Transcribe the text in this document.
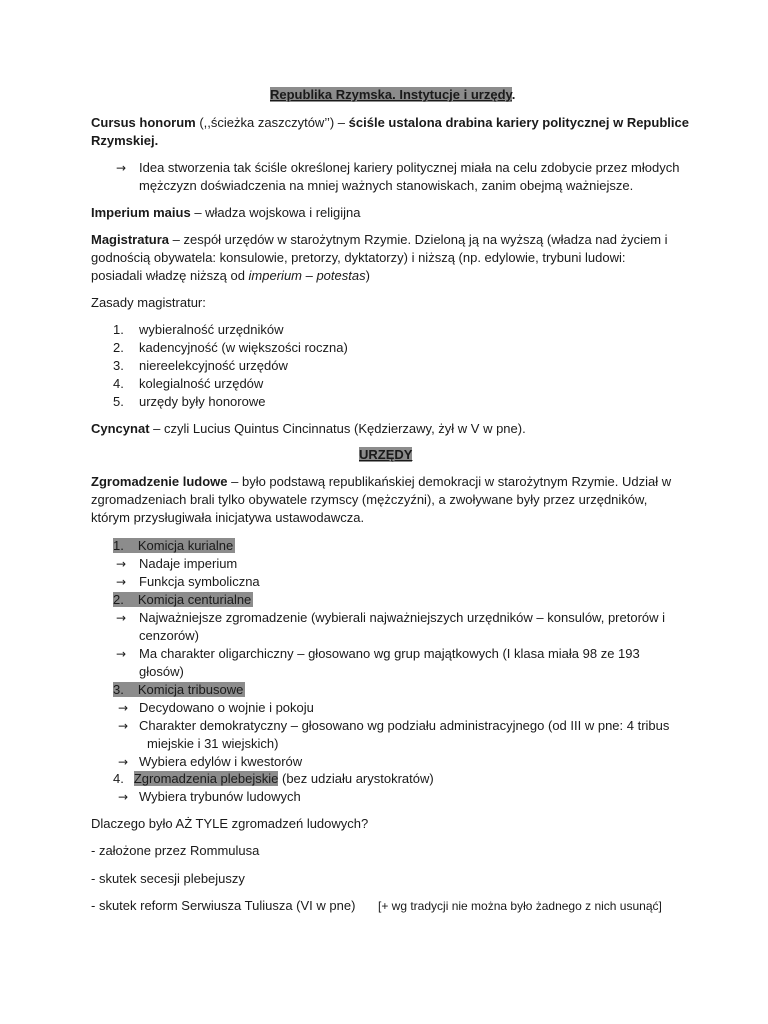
Republika Rzymska. Instytucje i urzędy.
Cursus honorum (,,ścieżka zaszczytów’’) – ściśle ustalona drabina kariery politycznej w Republice
Rzymskiej.
→ Idea stworzenia tak ściśle określonej kariery politycznej miała na celu zdobycie przez młodych
mężczyzn doświadczenia na mniej ważnych stanowiskach, zanim obejmą ważniejsze.
Imperium maius – władza wojskowa i religijna
Magistratura – zespół urzędów w starożytnym Rzymie. Dzieloną ją na wyższą (władza nad życiem i
godnością obywatela: konsulowie, pretorzy, dyktatorzy) i niższą (np. edylowie, trybuni ludowi:
posiadali władzę niższą od imperium – potestas)
Zasady magistratur:
1. wybieralność urzędników
2. kadencyjność (w większości roczna)
3. niereelekcyjność urzędów
4. kolegialność urzędów
5. urzędy były honorowe
Cyncynat – czyli Lucius Quintus Cincinnatus (Kędzierzawy, żył w V w pne).
URZĘDY
Zgromadzenie ludowe – było podstawą republikańskiej demokracji w starożytnym Rzymie. Udział w
zgromadzeniach brali tylko obywatele rzymscy (mężczyźni), a zwoływane były przez urzędników,
którym przysługiwała inicjatywa ustawodawcza.
1. Komicja kurialne
→ Nadaje imperium
→ Funkcja symboliczna
2. Komicja centurialne
→ Najważniejsze zgromadzenie (wybierali najważniejszych urzędników – konsulów, pretorów i
cenzorów)
→ Ma charakter oligarchiczny – głosowano wg grup majątkowych (I klasa miała 98 ze 193
głosów)
3. Komicja tribusowe
→ Decydowano o wojnie i pokoju
→ Charakter demokratyczny – głosowano wg podziału administracyjnego (od III w pne: 4 tribus
miejskie i 31 wiejskich)
→ Wybiera edylów i kwestorów
4. Zgromadzenia plebejskie (bez udziału arystokratów)
→ Wybiera trybunów ludowych
Dlaczego było AŻ TYLE zgromadzeń ludowych?
- założone przez Rommulusa
- skutek secesji plebejuszy
- skutek reform Serwiusza Tuliusza (VI w pne) [+ wg tradycji nie można było żadnego z nich usunąć]
